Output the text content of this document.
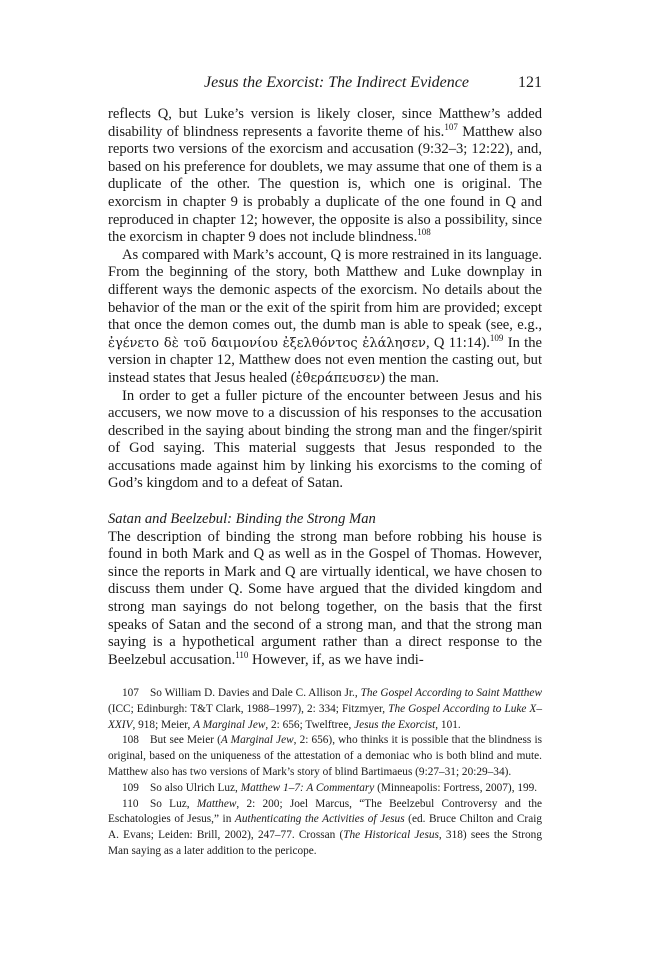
Jesus the Exorcist: The Indirect Evidence	121

reflects Q, but Luke’s version is likely closer, since Matthew’s added disability of blindness represents a favorite theme of his.$^{107}$ Matthew also reports two versions of the exorcism and accusation (9:32–3; 12:22), and, based on his preference for doublets, we may assume that one of them is a duplicate of the other. The question is, which one is original. The exorcism in chapter 9 is probably a duplicate of the one found in Q and reproduced in chapter 12; however, the opposite is also a possibility, since the exorcism in chapter 9 does not include blindness.$^{108}$

As compared with Mark’s account, Q is more restrained in its language. From the beginning of the story, both Matthew and Luke downplay in different ways the demonic aspects of the exorcism. No details about the behavior of the man or the exit of the spirit from him are provided; except that once the demon comes out, the dumb man is able to speak (see, e.g., ἐγένετο δὲ τοῦ δαιμονίου ἐξελθόντος ἐλάλησεν, Q 11:14).$^{109}$ In the version in chapter 12, Matthew does not even mention the casting out, but instead states that Jesus healed (ἐθεράπευσεν) the man.

In order to get a fuller picture of the encounter between Jesus and his accusers, we now move to a discussion of his responses to the accusation described in the saying about binding the strong man and the finger/spirit of God saying. This material suggests that Jesus responded to the accusations made against him by linking his exorcisms to the coming of God’s kingdom and to a defeat of Satan.

Satan and Beelzebul: Binding the Strong Man

The description of binding the strong man before robbing his house is found in both Mark and Q as well as in the Gospel of Thomas. However, since the reports in Mark and Q are virtually identical, we have chosen to discuss them under Q. Some have argued that the divided kingdom and strong man sayings do not belong together, on the basis that the first speaks of Satan and the second of a strong man, and that the strong man saying is a hypothetical argument rather than a direct response to the Beelzebul accusation.$^{110}$ However, if, as we have indi-

107 So William D. Davies and Dale C. Allison Jr., The Gospel According to Saint Matthew (ICC; Edinburgh: T&T Clark, 1988–1997), 2: 334; Fitzmyer, The Gospel According to Luke X–XXIV, 918; Meier, A Marginal Jew, 2: 656; Twelftree, Jesus the Exorcist, 101.

108 But see Meier (A Marginal Jew, 2: 656), who thinks it is possible that the blindness is original, based on the uniqueness of the attestation of a demoniac who is both blind and mute. Matthew also has two versions of Mark’s story of blind Bartimaeus (9:27–31; 20:29–34).

109 So also Ulrich Luz, Matthew 1–7: A Commentary (Minneapolis: Fortress, 2007), 199.

110 So Luz, Matthew, 2: 200; Joel Marcus, “The Beelzebul Controversy and the Eschatologies of Jesus,” in Authenticating the Activities of Jesus (ed. Bruce Chilton and Craig A. Evans; Leiden: Brill, 2002), 247–77. Crossan (The Historical Jesus, 318) sees the Strong Man saying as a later addition to the pericope.
